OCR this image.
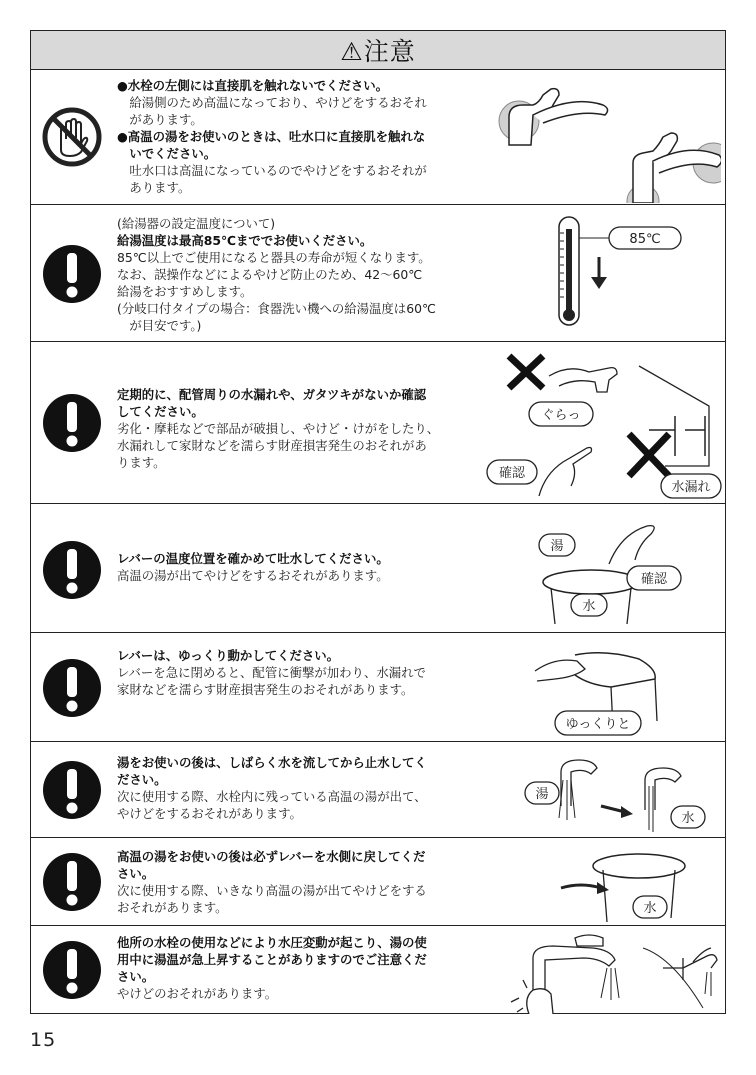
⚠注意

●水栓の左側には直接肌を触れないでください。

　給湯側のため高温になっており、やけどをするおそれ

　があります。

●高温の湯をお使いのときは、吐水口に直接肌を触れな

　いでください。

　吐水口は高温になっているのでやけどをするおそれが

　あります。

(給湯器の設定温度について)

給湯温度は最高85℃まででお使いください。

85℃以上でご使用になると器具の寿命が短くなります。

なお、誤操作などによるやけど防止のため、42〜60℃

給湯をおすすめします。

(分岐口付タイプの場合：食器洗い機への給湯温度は60℃

　が目安です。)

85℃

定期的に、配管周りの水漏れや、ガタツキがないか確認

してください。

劣化・摩耗などで部品が破損し、やけど・けがをしたり、

水漏れして家財などを濡らす財産損害発生のおそれがあ

ります。

ぐらっ
確認
水漏れ

レバーの温度位置を確かめて吐水してください。

高温の湯が出てやけどをするおそれがあります。

湯
確認
水

レバーは、ゆっくり動かしてください。

レバーを急に閉めると、配管に衝撃が加わり、水漏れで

家財などを濡らす財産損害発生のおそれがあります。

ゆっくりと

湯をお使いの後は、しばらく水を流してから止水してく

ださい。

次に使用する際、水栓内に残っている高温の湯が出て、

やけどをするおそれがあります。

湯
水

高温の湯をお使いの後は必ずレバーを水側に戻してくだ

さい。

次に使用する際、いきなり高温の湯が出てやけどをする

おそれがあります。	水

他所の水栓の使用などにより水圧変動が起こり、湯の使

用中に湯温が急上昇することがありますのでご注意くだ

さい。

やけどのおそれがあります。

15
